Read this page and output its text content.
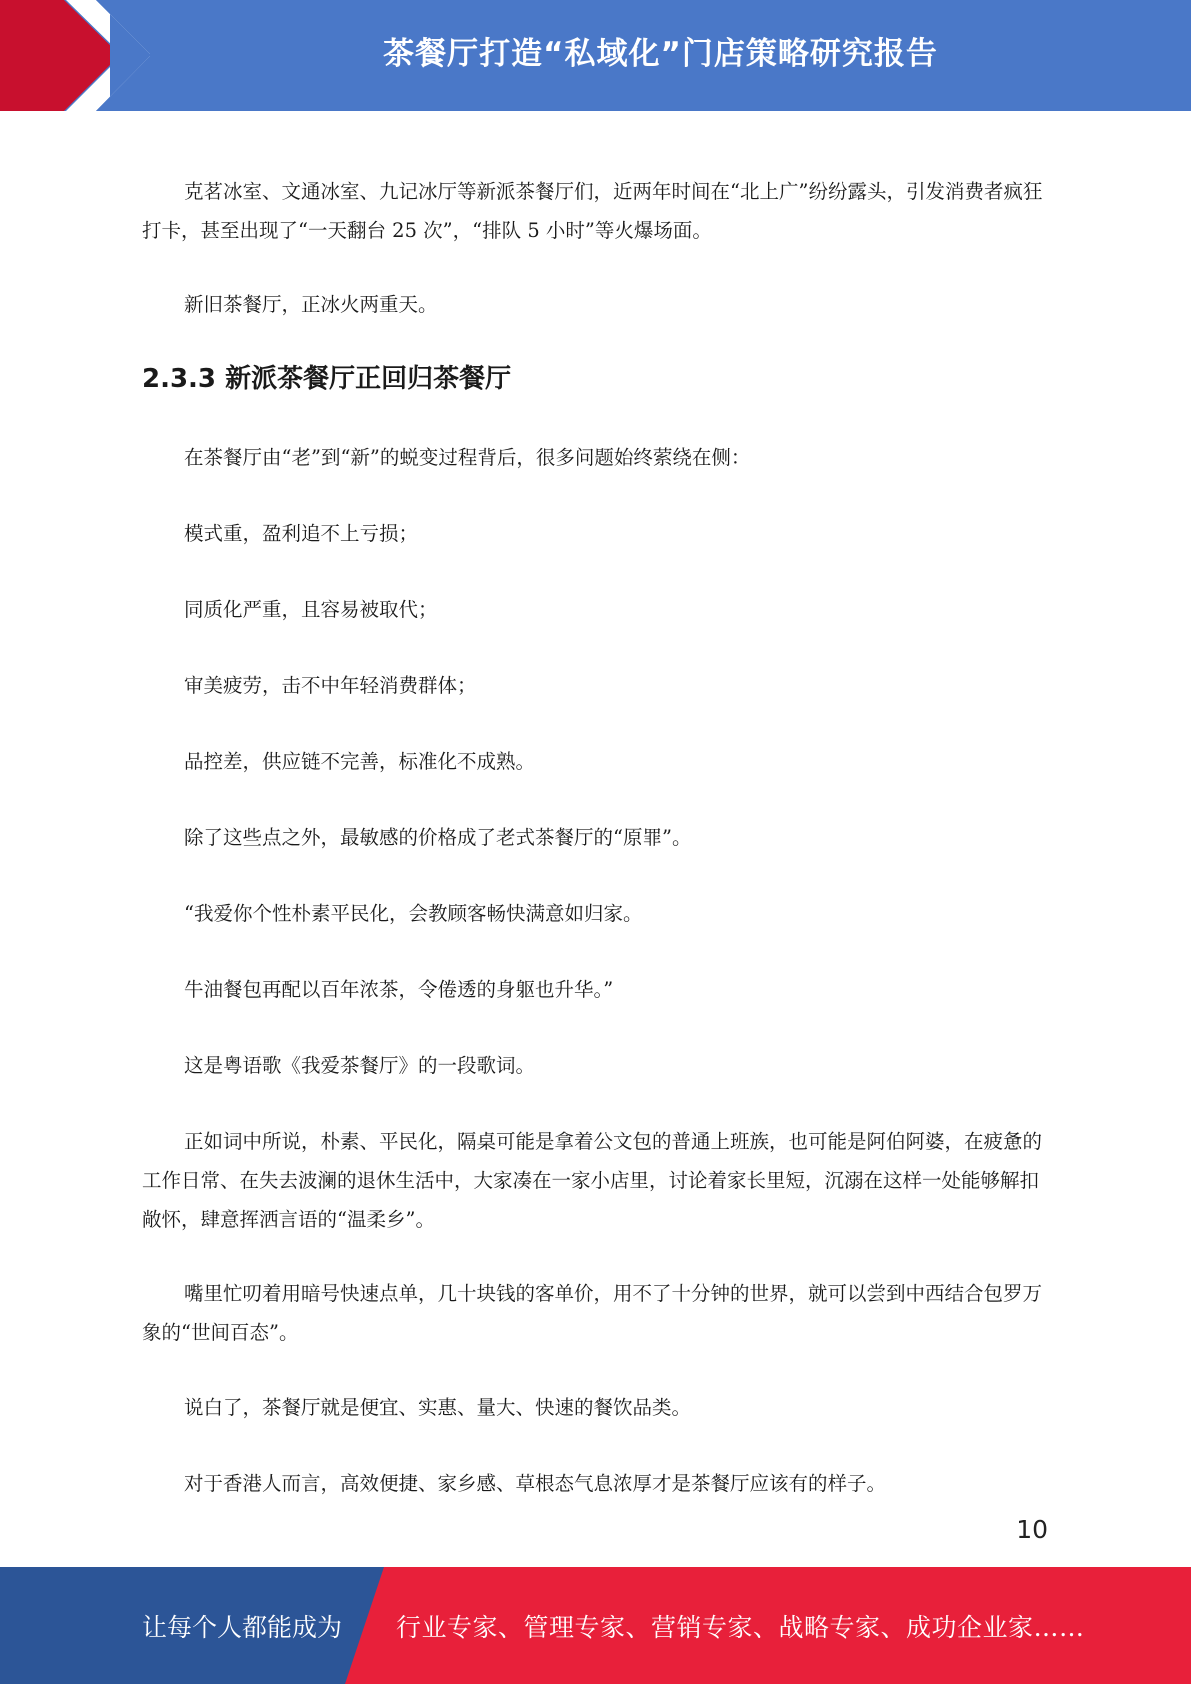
茶餐厅打造“私域化”门店策略研究报告

克茗冰室、文通冰室、九记冰厅等新派茶餐厅们，近两年时间在“北上广”纷纷露头，引发消费者疯狂打卡，甚至出现了“一天翻台 25 次”，“排队 5 小时”等火爆场面。

新旧茶餐厅，正冰火两重天。

2.3.3 新派茶餐厅正回归茶餐厅

在茶餐厅由“老”到“新”的蜕变过程背后，很多问题始终萦绕在侧：

模式重，盈利追不上亏损；

同质化严重，且容易被取代；

审美疲劳，击不中年轻消费群体；

品控差，供应链不完善，标准化不成熟。

除了这些点之外，最敏感的价格成了老式茶餐厅的“原罪”。

“我爱你个性朴素平民化，会教顾客畅快满意如归家。

牛油餐包再配以百年浓茶，令倦透的身躯也升华。”

这是粤语歌《我爱茶餐厅》的一段歌词。

正如词中所说，朴素、平民化，隔桌可能是拿着公文包的普通上班族，也可能是阿伯阿婆，在疲惫的工作日常、在失去波澜的退休生活中，大家凑在一家小店里，讨论着家长里短，沉溺在这样一处能够解扣敞怀，肆意挥洒言语的“温柔乡”。

嘴里忙叨着用暗号快速点单，几十块钱的客单价，用不了十分钟的世界，就可以尝到中西结合包罗万象的“世间百态”。

说白了，茶餐厅就是便宜、实惠、量大、快速的餐饮品类。

对于香港人而言，高效便捷、家乡感、草根态气息浓厚才是茶餐厅应该有的样子。

10
让每个人都能成为 行业专家、管理专家、营销专家、战略专家、成功企业家……
